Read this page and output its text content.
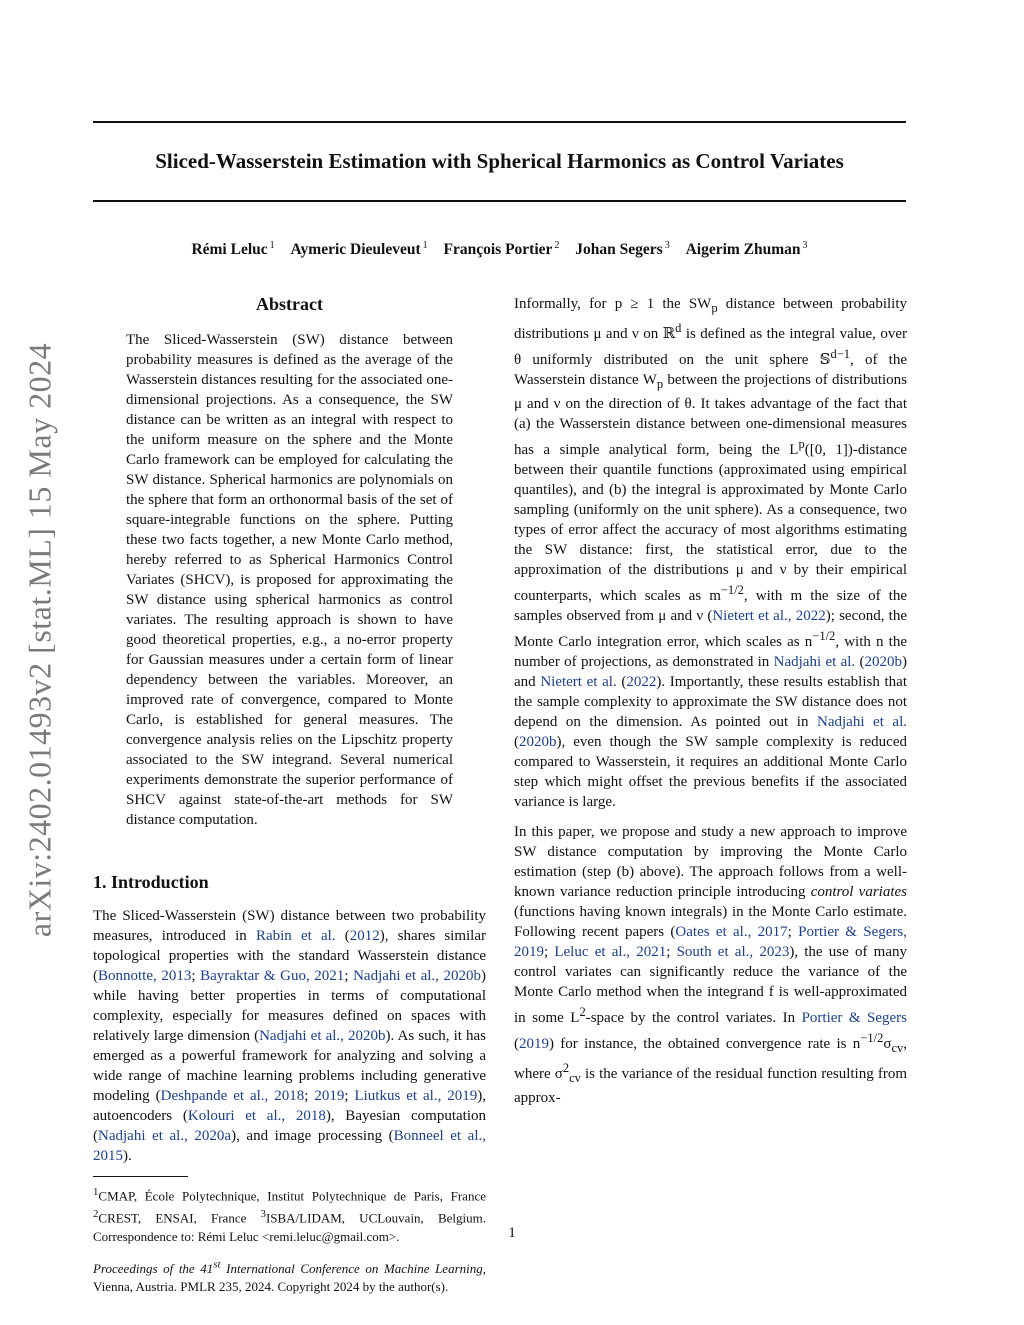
Sliced-Wasserstein Estimation with Spherical Harmonics as Control Variates
Rémi Leluc $^1$ Aymeric Dieuleveut $^1$ François Portier $^2$ Johan Segers $^3$ Aigerim Zhuman $^3$
arXiv:2402.01493v2 [stat.ML] 15 May 2024
Abstract

The Sliced-Wasserstein (SW) distance between probability measures is defined as the average of the Wasserstein distances resulting for the associated one-dimensional projections. As a consequence, the SW distance can be written as an integral with respect to the uniform measure on the sphere and the Monte Carlo framework can be employed for calculating the SW distance. Spherical harmonics are polynomials on the sphere that form an orthonormal basis of the set of square-integrable functions on the sphere. Putting these two facts together, a new Monte Carlo method, hereby referred to as Spherical Harmonics Control Variates (SHCV), is proposed for approximating the SW distance using spherical harmonics as control variates. The resulting approach is shown to have good theoretical properties, e.g., a no-error property for Gaussian measures under a certain form of linear dependency between the variables. Moreover, an improved rate of convergence, compared to Monte Carlo, is established for general measures. The convergence analysis relies on the Lipschitz property associated to the SW integrand. Several numerical experiments demonstrate the superior performance of SHCV against state-of-the-art methods for SW distance computation.

1. Introduction

The Sliced-Wasserstein (SW) distance between two probability measures, introduced in Rabin et al. (2012), shares similar topological properties with the standard Wasserstein distance (Bonnotte, 2013; Bayraktar & Guo, 2021; Nadjahi et al., 2020b) while having better properties in terms of computational complexity, especially for measures defined on spaces with relatively large dimension (Nadjahi et al., 2020b). As such, it has emerged as a powerful framework for analyzing and solving a wide range of machine learning problems including generative modeling (Deshpande et al., 2018; 2019; Liutkus et al., 2019), autoencoders (Kolouri et al., 2018), Bayesian computation (Nadjahi et al., 2020a), and image processing (Bonneel et al., 2015).

$^1$CMAP, École Polytechnique, Institut Polytechnique de Paris, France $^2$CREST, ENSAI, France $^3$ISBA/LIDAM, UCLouvain, Belgium. Correspondence to: Rémi Leluc <remi.leluc@gmail.com>.

Proceedings of the 41st International Conference on Machine Learning, Vienna, Austria. PMLR 235, 2024. Copyright 2024 by the author(s).

Informally, for p ≥ 1 the $SW_p$ distance between probability distributions μ and ν on ℝ$^d$ is defined as the integral value, over θ uniformly distributed on the unit sphere 𝕊$^{d-1}$, of the Wasserstein distance $W_p$ between the projections of distributions μ and ν on the direction of θ. It takes advantage of the fact that (a) the Wasserstein distance between one-dimensional measures has a simple analytical form, being the $L^p([0$, 1])-distance between their quantile functions (approximated using empirical quantiles), and (b) the integral is approximated by Monte Carlo sampling (uniformly on the unit sphere). As a consequence, two types of error affect the accuracy of most algorithms estimating the SW distance: first, the statistical error, due to the approximation of the distributions μ and ν by their empirical counterparts, which scales as $m^{-1/2}$, with m the size of the samples observed from μ and ν (Nietert et al., 2022); second, the Monte Carlo integration error, which scales as $n^{-1/2}$, with n the number of projections, as demonstrated in Nadjahi et al. (2020b) and Nietert et al. (2022). Importantly, these results establish that the sample complexity to approximate the SW distance does not depend on the dimension. As pointed out in Nadjahi et al. (2020b), even though the SW sample complexity is reduced compared to Wasserstein, it requires an additional Monte Carlo step which might offset the previous benefits if the associated variance is large.

In this paper, we propose and study a new approach to improve SW distance computation by improving the Monte Carlo estimation (step (b) above). The approach follows from a well-known variance reduction principle introducing control variates (functions having known integrals) in the Monte Carlo estimate. Following recent papers (Oates et al., 2017; Portier & Segers, 2019; Leluc et al., 2021; South et al., 2023), the use of many control variates can significantly reduce the variance of the Monte Carlo method when the integrand f is well-approximated in some $L^2$-space by the control variates. In Portier & Segers (2019) for instance, the obtained convergence rate is $n^{-1/2}\sigma_{cv}$, where $\sigma^2_{cv}$ is the variance of the residual function resulting from approx-

1
